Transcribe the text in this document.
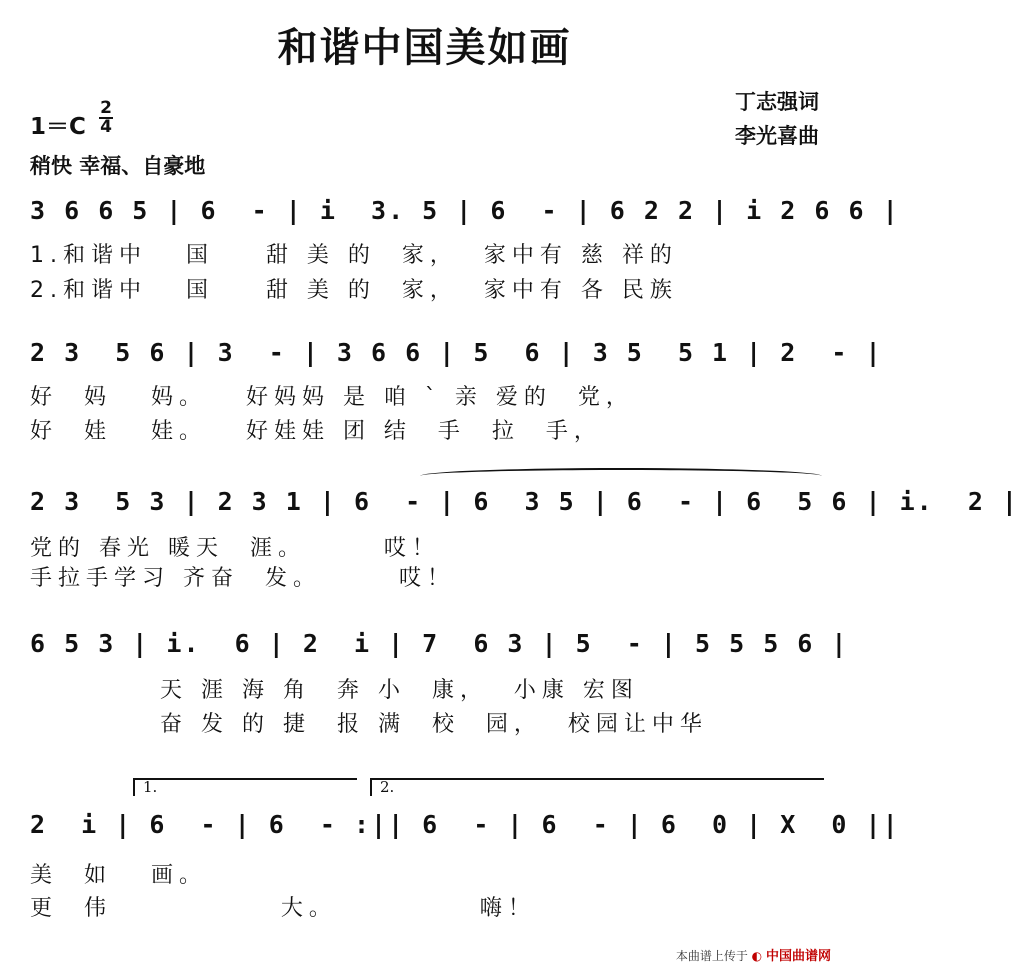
和谐中国美如画
丁志强词
李光喜曲
1＝C
2
4
稍快 幸福、自豪地
3 6 6 5 | 6  - | i  3. 5 | 6  - | 6 2 2 | i 2 6 6 |
1.和谐中   国    甜 美 的  家，  家中有 慈 祥的
2.和谐中   国    甜 美 的  家，  家中有 各 民族
2 3  5 6 | 3  - | 3 6 6 | 5  6 | 3 5  5 1 | 2  - |
好  妈   妈。   好妈妈 是 咱 ` 亲 爱的  党，
好  娃   娃。   好娃娃 团 结  手  拉  手，
2 3  5 3 | 2 3 1 | 6  - | 6  3 5 | 6  - | 6  5 6 | i.  2 |
党的 春光 暖天  涯。      哎！
手拉手学习 齐奋  发。      哎！
6 5 3 | i.  6 | 2  i | 7  6 3 | 5  - | 5 5 5 6 |
天 涯 海 角  奔 小  康，  小康 宏图
奋 发 的 捷  报 满  校  园，  校园让中华
1.	2.
2  i | 6  - | 6  - :|| 6  - | 6  - | 6  0 | X  0 ||
美  如   画。
更  伟             大。           嗨！
本曲谱上传于 ◐ 中国曲谱网
